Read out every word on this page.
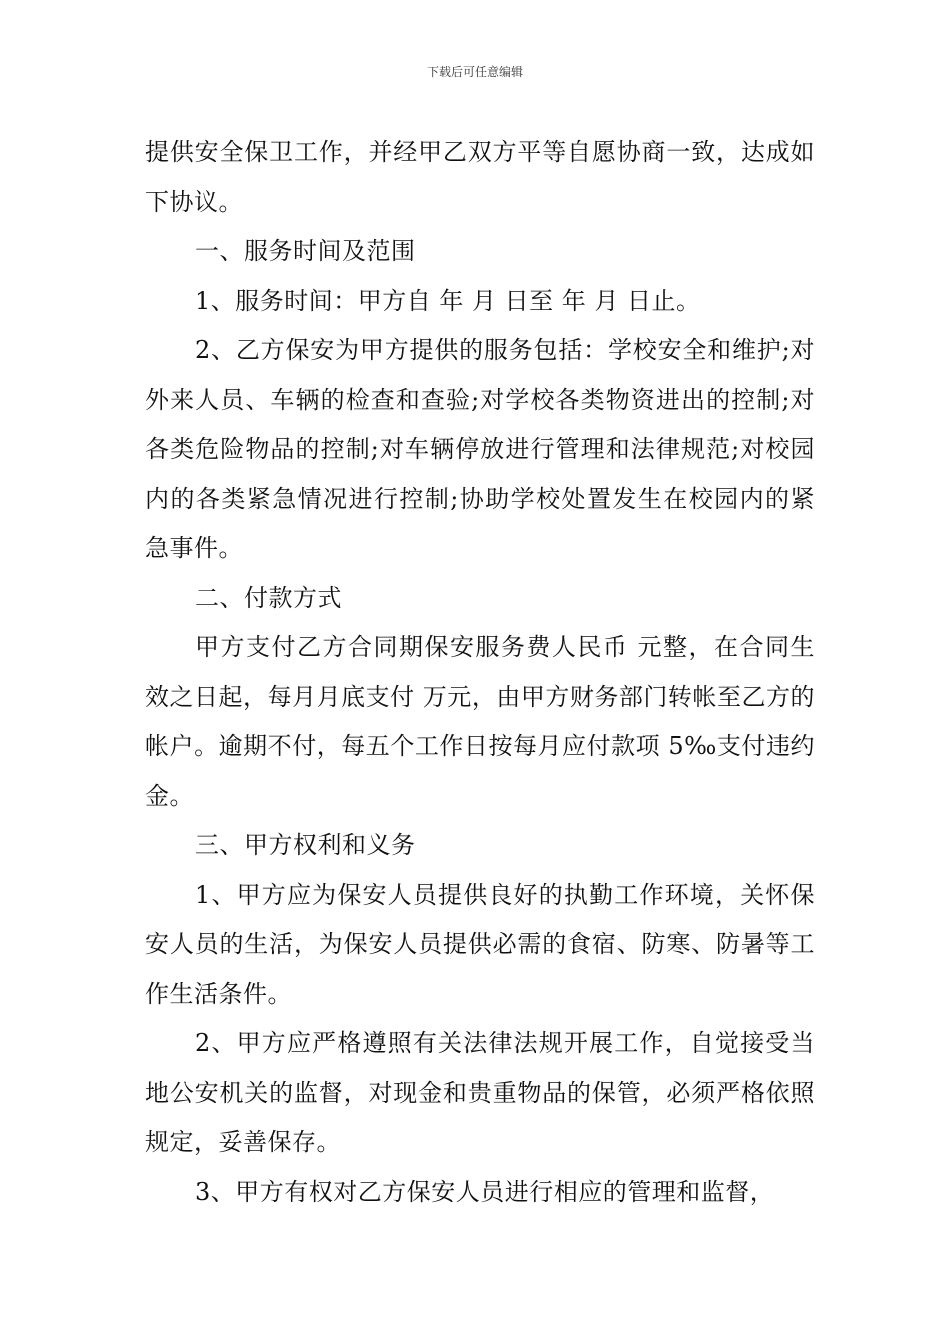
下载后可任意编辑

提供安全保卫工作，并经甲乙双方平等自愿协商一致，达成如下协议。

一、服务时间及范围

1、服务时间：甲方自 年 月 日至 年 月 日止。

2、乙方保安为甲方提供的服务包括：学校安全和维护;对外来人员、车辆的检查和查验;对学校各类物资进出的控制;对各类危险物品的控制;对车辆停放进行管理和法律规范;对校园内的各类紧急情况进行控制;协助学校处置发生在校园内的紧急事件。

二、付款方式

甲方支付乙方合同期保安服务费人民币 元整，在合同生效之日起，每月月底支付 万元，由甲方财务部门转帐至乙方的帐户。逾期不付，每五个工作日按每月应付款项 5‰支付违约金。

三、甲方权利和义务

1、甲方应为保安人员提供良好的执勤工作环境，关怀保安人员的生活，为保安人员提供必需的食宿、防寒、防暑等工作生活条件。

2、甲方应严格遵照有关法律法规开展工作，自觉接受当地公安机关的监督，对现金和贵重物品的保管，必须严格依照规定，妥善保存。

3、甲方有权对乙方保安人员进行相应的管理和监督，
